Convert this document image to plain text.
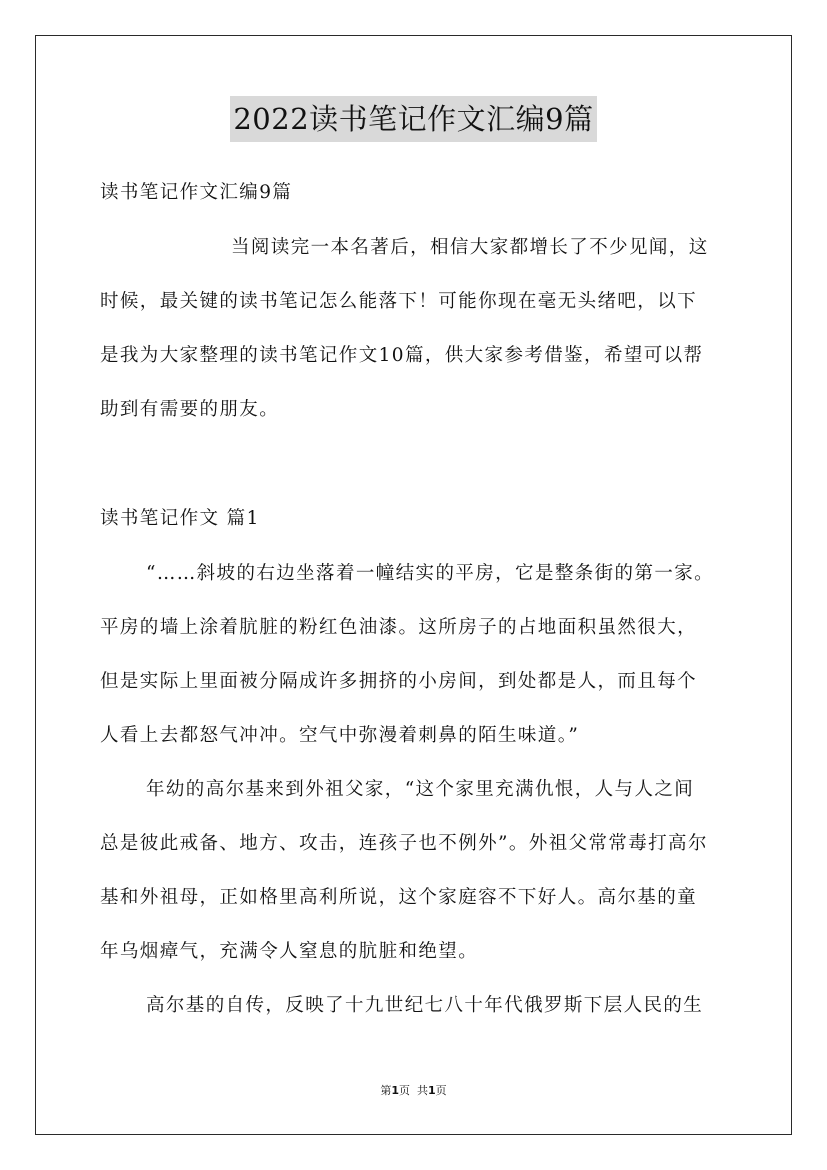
2022读书笔记作文汇编9篇
读书笔记作文汇编9篇
当阅读完一本名著后，相信大家都增长了不少见闻，这
时候，最关键的读书笔记怎么能落下！可能你现在毫无头绪吧，以下
是我为大家整理的读书笔记作文10篇，供大家参考借鉴，希望可以帮
助到有需要的朋友。
读书笔记作文 篇1
“……斜坡的右边坐落着一幢结实的平房，它是整条街的第一家。
平房的墙上涂着肮脏的粉红色油漆。这所房子的占地面积虽然很大，
但是实际上里面被分隔成许多拥挤的小房间，到处都是人，而且每个
人看上去都怒气冲冲。空气中弥漫着刺鼻的陌生味道。”
年幼的高尔基来到外祖父家，“这个家里充满仇恨，人与人之间
总是彼此戒备、地方、攻击，连孩子也不例外”。外祖父常常毒打高尔
基和外祖母，正如格里高利所说，这个家庭容不下好人。高尔基的童
年乌烟瘴气，充满令人窒息的肮脏和绝望。
高尔基的自传，反映了十九世纪七八十年代俄罗斯下层人民的生
第1页  共1页
